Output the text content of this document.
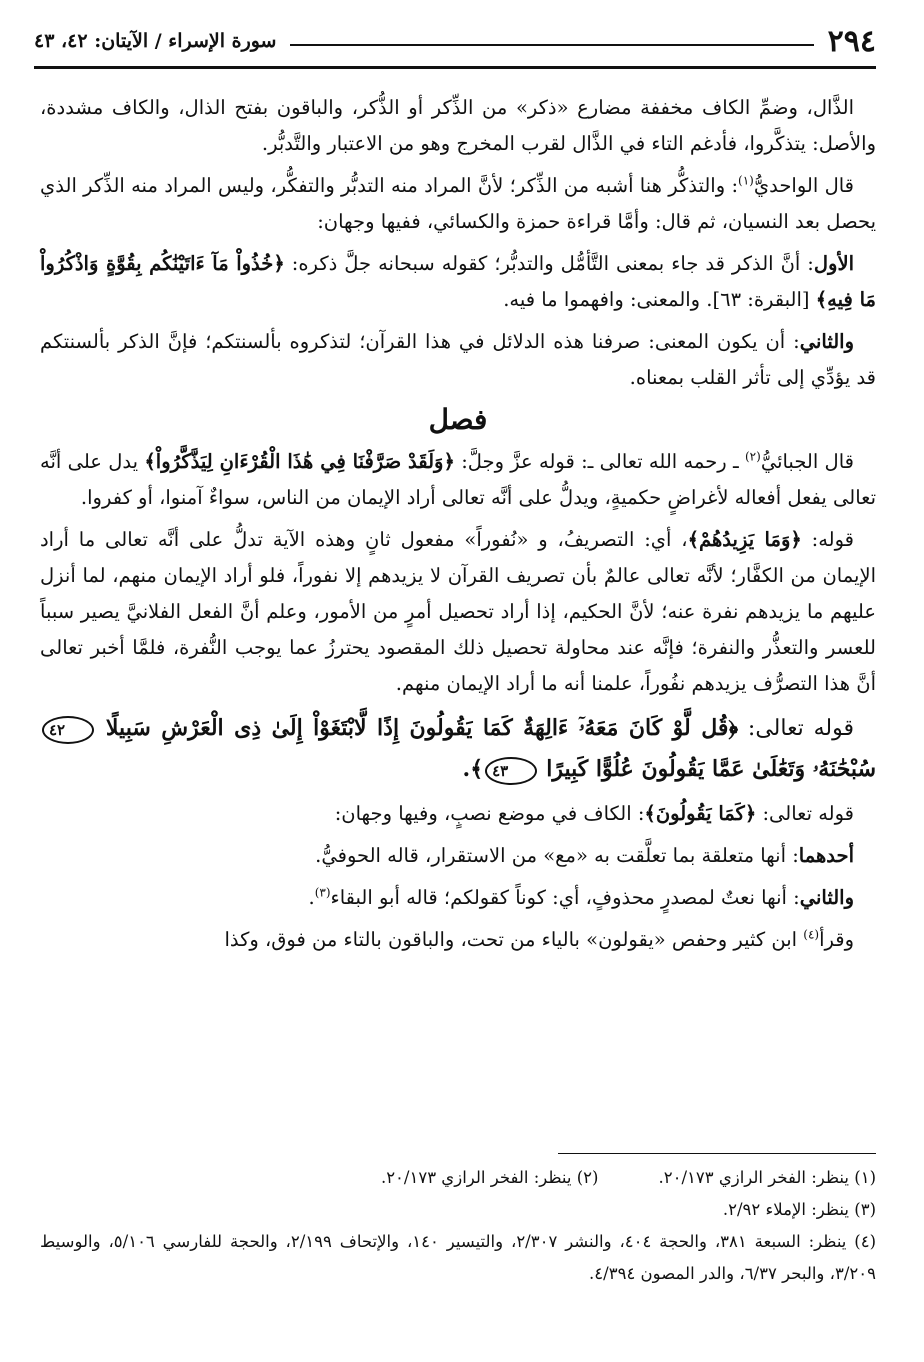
٢٩٤
سورة الإسراء / الآيتان: ٤٢، ٤٣

الذَّال، وضمِّ الكاف مخففة مضارع «ذكر» من الذِّكر أو الذُّكر، والباقون بفتح الذال، والكاف مشددة، والأصل: يتذكَّروا، فأدغم التاء في الذَّال لقرب المخرج وهو من الاعتبار والتَّدبُّر.

قال الواحديُّ$^{(١)}$: والتذكُّر هنا أشبه من الذِّكر؛ لأنَّ المراد منه التدبُّر والتفكُّر، وليس المراد منه الذِّكر الذي يحصل بعد النسيان، ثم قال: وأمَّا قراءة حمزة والكسائي، ففيها وجهان:

الأول: أنَّ الذكر قد جاء بمعنى التَّأمُّل والتدبُّر؛ كقوله سبحانه جلَّ ذكره: ﴿خُذُواْ مَآ ءَاتَيْنَٰكُم بِقُوَّةٍ وَاذْكُرُواْ مَا فِيهِ﴾ [البقرة: ٦٣]. والمعنى: وافهموا ما فيه.

والثاني: أن يكون المعنى: صرفنا هذه الدلائل في هذا القرآن؛ لتذكروه بألسنتكم؛ فإنَّ الذكر بألسنتكم قد يؤدِّي إلى تأثر القلب بمعناه.

فصل

قال الجبائيُّ$^{(٢)}$ ـ رحمه الله تعالى ـ: قوله عزَّ وجلَّ: ﴿وَلَقَدْ صَرَّفْنَا فِي هَٰذَا الْقُرْءَانِ لِيَذَّكَّرُواْ﴾ يدل على أنَّه تعالى يفعل أفعاله لأغراضٍ حكميةٍ، ويدلُّ على أنَّه تعالى أراد الإيمان من الناس، سواءٌ آمنوا، أو كفروا.

قوله: ﴿وَمَا يَزِيدُهُمْ﴾، أي: التصريفُ، و «نُفوراً» مفعول ثانٍ وهذه الآية تدلُّ على أنَّه تعالى ما أراد الإيمان من الكفَّار؛ لأنَّه تعالى عالمٌ بأن تصريف القرآن لا يزيدهم إلا نفوراً، فلو أراد الإيمان منهم، لما أنزل عليهم ما يزيدهم نفرة عنه؛ لأنَّ الحكيم، إذا أراد تحصيل أمرٍ من الأمور، وعلم أنَّ الفعل الفلانيَّ يصير سبباً للعسر والتعذُّر والنفرة؛ فإنَّه عند محاولة تحصيل ذلك المقصود يحترزُ عما يوجب النُّفرة، فلمَّا أخبر تعالى أنَّ هذا التصرُّف يزيدهم نفُوراً، علمنا أنه ما أراد الإيمان منهم.

قوله تعالى: ﴿قُل لَّوْ كَانَ مَعَهُۥٓ ءَالِهَةٌ كَمَا يَقُولُونَ إِذًا لَّابْتَغَوْاْ إِلَىٰ ذِى الْعَرْشِ سَبِيلًا ٤٢ سُبْحَٰنَهُۥ وَتَعَٰلَىٰ عَمَّا يَقُولُونَ عُلُوًّا كَبِيرًا ٤٣﴾.

قوله تعالى: ﴿كَمَا يَقُولُونَ﴾: الكاف في موضع نصبٍ، وفيها وجهان:

أحدهما: أنها متعلقة بما تعلَّقت به «مع» من الاستقرار، قاله الحوفيُّ.

والثاني: أنها نعتٌ لمصدرٍ محذوفٍ، أي: كوناً كقولكم؛ قاله أبو البقاء$^{(٣)}$.

وقرأ$^{(٤)}$ ابن كثير وحفص «يقولون» بالياء من تحت، والباقون بالتاء من فوق، وكذا

(١) ينظر: الفخر الرازي ٢٠/١٧٣.

(٢) ينظر: الفخر الرازي ٢٠/١٧٣.

(٣) ينظر: الإملاء ٢/٩٢.

(٤) ينظر: السبعة ٣٨١، والحجة ٤٠٤، والنشر ٢/٣٠٧، والتيسير ١٤٠، والإتحاف ٢/١٩٩، والحجة للفارسي ٥/١٠٦، والوسيط ٣/٢٠٩، والبحر ٦/٣٧، والدر المصون ٤/٣٩٤.
